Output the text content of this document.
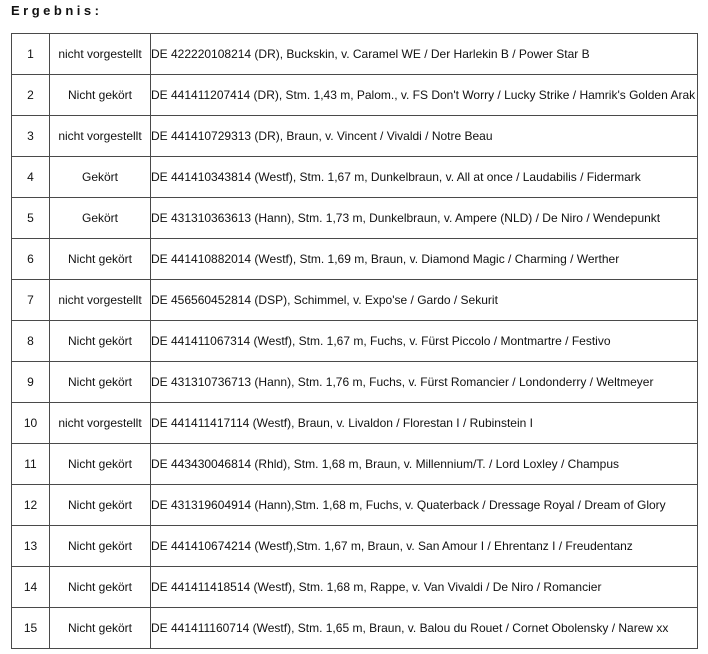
Ergebnis:
1	nicht vorgestellt	DE 422220108214 (DR), Buckskin, v. Caramel WE / Der Harlekin B / Power Star B
2	Nicht gekört	DE 441411207414 (DR), Stm. 1,43 m, Palom., v. FS Don't Worry / Lucky Strike / Hamrik's Golden Arak
3	nicht vorgestellt	DE 441410729313 (DR), Braun, v. Vincent / Vivaldi / Notre Beau
4	Gekört	DE 441410343814 (Westf), Stm. 1,67 m, Dunkelbraun, v. All at once / Laudabilis / Fidermark
5	Gekört	DE 431310363613 (Hann), Stm. 1,73 m, Dunkelbraun, v. Ampere (NLD) / De Niro / Wendepunkt
6	Nicht gekört	DE 441410882014 (Westf), Stm. 1,69 m, Braun, v. Diamond Magic / Charming / Werther
7	nicht vorgestellt	DE 456560452814 (DSP), Schimmel, v. Expo'se / Gardo / Sekurit
8	Nicht gekört	DE 441411067314 (Westf), Stm. 1,67 m, Fuchs, v. Fürst Piccolo / Montmartre / Festivo
9	Nicht gekört	DE 431310736713 (Hann), Stm. 1,76 m, Fuchs, v. Fürst Romancier / Londonderry / Weltmeyer
10	nicht vorgestellt	DE 441411417114 (Westf), Braun, v. Livaldon / Florestan I / Rubinstein I
11	Nicht gekört	DE 443430046814 (Rhld), Stm. 1,68 m, Braun, v. Millennium/T. / Lord Loxley / Champus
12	Nicht gekört	DE 431319604914 (Hann),Stm. 1,68 m, Fuchs, v. Quaterback / Dressage Royal / Dream of Glory
13	Nicht gekört	DE 441410674214 (Westf),Stm. 1,67 m, Braun, v. San Amour I / Ehrentanz I / Freudentanz
14	Nicht gekört	DE 441411418514 (Westf), Stm. 1,68 m, Rappe, v. Van Vivaldi / De Niro / Romancier
15	Nicht gekört	DE 441411160714 (Westf), Stm. 1,65 m, Braun, v. Balou du Rouet / Cornet Obolensky / Narew xx
